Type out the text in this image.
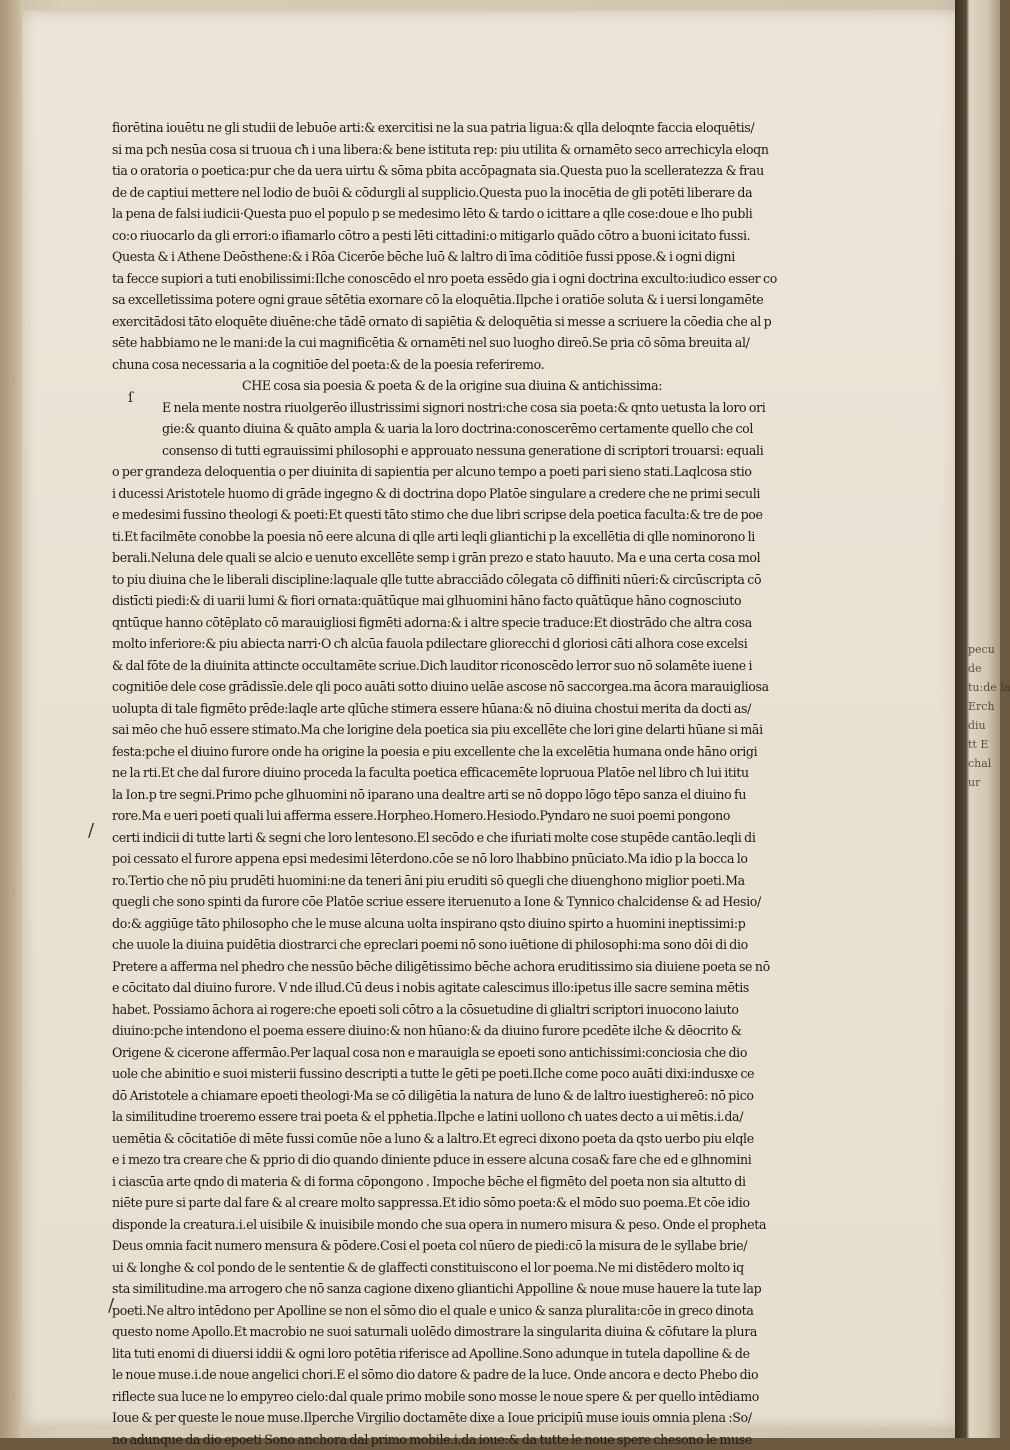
pecu
de
tu:de la
Erch
diu
tt E
chal
ur
ſ
/
/
fiorētina iouētu ne gli studii de lebuōe arti:& exercitisi ne la sua patria ligua:& qlla deloqnte faccia eloquētis/
si ma pcħ nesūa cosa si truoua cħ i una libera:& bene istituta rep: piu utilita & ornamēto seco arrechicyla eloqn
tia o oratoria o poetica:pur che da uera uirtu & sōma pbita accōpagnata sia.Questa puo la scelleratezza & frau
de de captiui mettere nel lodio de buōi & cōdurgli al supplicio.Questa puo la inocētia de gli potēti liberare da
la pena de falsi iudicii·Questa puo el populo p se medesimo lēto & tardo o icittare a qlle cose:doue e lho publi
co:o riuocarlo da gli errori:o ifiamarlo cōtro a pesti lēti cittadini:o mitigarlo quādo cōtro a buoni icitato fussi.
Questa & i Athene Deōsthene:& i Rōa Cicerōe bēche luō & laltro di īma cōditiōe fussi ppose.& i ogni digni
ta fecce supiori a tuti enobilissimi:Ilche conoscēdo el nro poeta essēdo gia i ogni doctrina exculto:iudico esser co
sa excelletissima potere ogni graue sētētia exornare cō la eloquētia.Ilpche i oratiōe soluta & i uersi longamēte
exercitādosi tāto eloquēte diuēne:che tādē ornato di sapiētia & deloquētia si messe a scriuere la cōedia che al p
sēte habbiamo ne le mani:de la cui magnificētia & ornamēti nel suo luogho direō.Se pria cō sōma breuita al/
chuna cosa necessaria a la cognitiōe del poeta:& de la poesia referiremo.
CHE cosa sia poesia & poeta & de la origine sua diuina & antichissima:
E nela mente nostra riuolgerēo illustrissimi signori nostri:che cosa sia poeta:& qnto uetusta la loro ori
gie:& quanto diuina & quāto ampla & uaria la loro doctrina:conoscerēmo certamente quello che col
consenso di tutti egrauissimi philosophi e approuato nessuna generatione di scriptori trouarsi: equali
o per grandeza deloquentia o per diuinita di sapientia per alcuno tempo a poeti pari sieno stati.Laqlcosa stio
i ducessi Aristotele huomo di grāde ingegno & di doctrina dopo Platōe singulare a credere che ne primi seculi
e medesimi fussino theologi & poeti:Et questi tāto stimo che due libri scripse dela poetica faculta:& tre de poe
ti.Et facilmēte conobbe la poesia nō eere alcuna di qlle arti leqli gliantichi p la excellētia di qlle nominorono li
berali.Neluna dele quali se alcio e uenuto excellēte semp i grān prezo e stato hauuto. Ma e una certa cosa mol
to piu diuina che le liberali discipline:laquale qlle tutte abracciādo cōlegata cō diffiniti nūeri:& circūscripta cō
distīcti piedi:& di uarii lumi & fiori ornata:quātūque mai glhuomini hāno facto quātūque hāno cognosciuto
qntūque hanno cōtēplato cō marauigliosi figmēti adorna:& i altre specie traduce:Et diostrādo che altra cosa
molto inferiore:& piu abiecta narri·O cħ alcūa fauola pdilectare gliorecchi d gloriosi cāti alhora cose excelsi
& dal fōte de la diuinita attincte occultamēte scriue.Dicħ lauditor riconoscēdo lerror suo nō solamēte iuene i
cognitiōe dele cose grādissīe.dele qli poco auāti sotto diuino uelāe ascose nō saccorgea.ma ācora marauigliosa
uolupta di tale figmēto prēde:laqle arte qlūche stimera essere hūana:& nō diuina chostui merita da docti as/
sai mēo che huō essere stimato.Ma che lorigine dela poetica sia piu excellēte che lori gine delarti hūane si māi
festa:pche el diuino furore onde ha origine la poesia e piu excellente che la excelētia humana onde hāno origi
ne la rti.Et che dal furore diuino proceda la faculta poetica efficacemēte lopruoua Platōe nel libro cħ lui ititu
la Ion.p tre segni.Primo pche glhuomini nō iparano una dealtre arti se nō doppo lōgo tēpo sanza el diuino fu
rore.Ma e ueri poeti quali lui afferma essere.Horpheo.Homero.Hesiodo.Pyndaro ne suoi poemi pongono
certi indicii di tutte larti & segni che loro lentesono.El secōdo e che ifuriati molte cose stupēde cantāo.leqli di
poi cessato el furore appena epsi medesimi lēterdono.cōe se nō loro lhabbino pnūciato.Ma idio p la bocca lo
ro.Tertio che nō piu prudēti huomini:ne da teneri āni piu eruditi sō quegli che diuenghono miglior poeti.Ma
quegli che sono spinti da furore cōe Platōe scriue essere iteruenuto a Ione & Tynnico chalcidense & ad Hesio/
do:& aggiūge tāto philosopho che le muse alcuna uolta inspirano qsto diuino spirto a huomini ineptissimi:p
che uuole la diuina puidētia diostrarci che epreclari poemi nō sono iuētione di philosophi:ma sono dōi di dio
Pretere a afferma nel phedro che nessūo bēche diligētissimo bēche achora eruditissimo sia diuiene poeta se nō
e cōcitato dal diuino furore. V nde illud.Cū deus i nobis agitate calescimus illo:ipetus ille sacre semina mētis
habet. Possiamo āchora ai rogere:che epoeti soli cōtro a la cōsuetudine di glialtri scriptori inuocono laiuto
diuino:pche intendono el poema essere diuino:& non hūano:& da diuino furore pcedēte ilche & dēocrito &
Origene & cicerone affermāo.Per laqual cosa non e marauigla se epoeti sono antichissimi:conciosia che dio
uole che abinitio e suoi misterii fussino descripti a tutte le gēti pe poeti.Ilche come poco auāti dixi:indusxe ce
dō Aristotele a chiamare epoeti theologi·Ma se cō diligētia la natura de luno & de laltro iuestighereō: nō pico
la similitudine troeremo essere trai poeta & el pphetia.Ilpche e latini uollono cħ uates decto a ui mētis.i.da/
uemētia & cōcitatiōe di mēte fussi comūe nōe a luno & a laltro.Et egreci dixono poeta da qsto uerbo piu elqle
e i mezo tra creare che & pprio di dio quando diniente pduce in essere alcuna cosa& fare che ed e glhnomini
i ciascūa arte qndo di materia & di forma cōpongono . Impoche bēche el figmēto del poeta non sia altutto di
niēte pure si parte dal fare & al creare molto sappressa.Et idio sōmo poeta:& el mōdo suo poema.Et cōe idio
disponde la creatura.i.el uisibile & inuisibile mondo che sua opera in numero misura & peso. Onde el propheta
Deus omnia facit numero mensura & pōdere.Cosi el poeta col nūero de piedi:cō la misura de le syllabe brie/
ui & longhe & col pondo de le sententie & de glaffecti constituiscono el lor poema.Ne mi distēdero molto iq
sta similitudine.ma arrogero che nō sanza cagione dixeno gliantichi Appolline & noue muse hauere la tute lap
poeti.Ne altro intēdono per Apolline se non el sōmo dio el quale e unico & sanza pluralita:cōe in greco dinota
questo nome Apollo.Et macrobio ne suoi saturnali uolēdo dimostrare la singularita diuina & cōfutare la plura
lita tuti enomi di diuersi iddii & ogni loro potētia riferisce ad Apolline.Sono adunque in tutela dapolline & de
le noue muse.i.de noue angelici chori.E el sōmo dio datore & padre de la luce. Onde ancora e decto Phebo dio
riflecte sua luce ne lo empyreo cielo:dal quale primo mobile sono mosse le noue spere & per quello intēdiamo
Ioue & per queste le noue muse.Ilperche Virgilio doctamēte dixe a Ioue pricipiū muse iouis omnia plena :So/
no adunque da dio epoeti Sono anchora dal primo mobile.i.da ioue:& da tutte le noue spere chesono le muse
